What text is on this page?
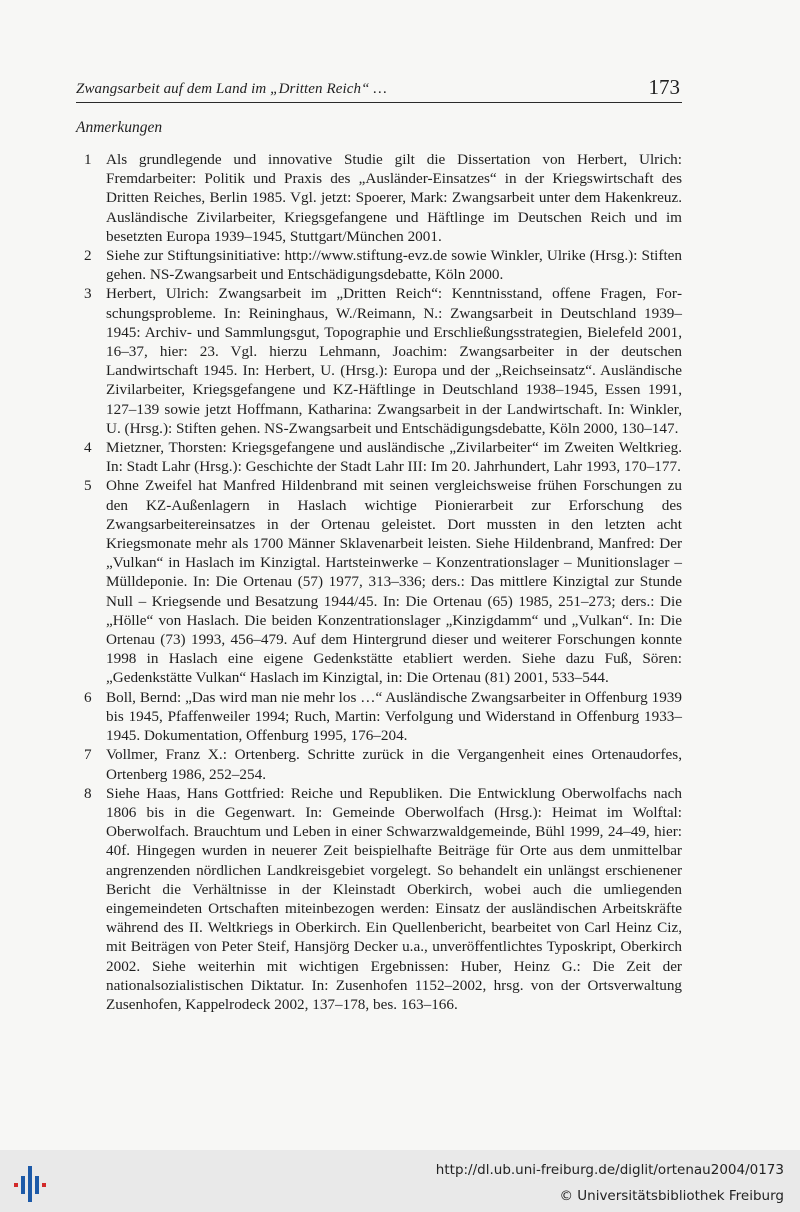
Zwangsarbeit auf dem Land im „Dritten Reich“ …	173
Anmerkungen
1 Als grundlegende und innovative Studie gilt die Dissertation von Herbert, Ulrich: Fremdarbeiter: Politik und Praxis des „Ausländer-Einsatzes“ in der Kriegswirtschaft des Dritten Reiches, Berlin 1985. Vgl. jetzt: Spoerer, Mark: Zwangsarbeit unter dem Hakenkreuz. Ausländische Zivilarbeiter, Kriegsgefangene und Häftlinge im Deutschen Reich und im besetzten Europa 1939–1945, Stuttgart/München 2001.
2 Siehe zur Stiftungsinitiative: http://www.stiftung-evz.de sowie Winkler, Ulrike (Hrsg.): Stiften gehen. NS-Zwangsarbeit und Entschädigungsdebatte, Köln 2000.
3 Herbert, Ulrich: Zwangsarbeit im „Dritten Reich“: Kenntnisstand, offene Fragen, Forschungsprobleme. In: Reininghaus, W./Reimann, N.: Zwangsarbeit in Deutschland 1939–1945: Archiv- und Sammlungsgut, Topographie und Erschließungsstrategien, Bielefeld 2001, 16–37, hier: 23. Vgl. hierzu Lehmann, Joachim: Zwangsarbeiter in der deutschen Landwirtschaft 1945. In: Herbert, U. (Hrsg.): Europa und der „Reichseinsatz“. Ausländische Zivilarbeiter, Kriegsgefangene und KZ-Häftlinge in Deutschland 1938–1945, Essen 1991, 127–139 sowie jetzt Hoffmann, Katharina: Zwangsarbeit in der Landwirtschaft. In: Winkler, U. (Hrsg.): Stiften gehen. NS-Zwangsarbeit und Entschädigungsdebatte, Köln 2000, 130–147.
4 Mietzner, Thorsten: Kriegsgefangene und ausländische „Zivilarbeiter“ im Zweiten Weltkrieg. In: Stadt Lahr (Hrsg.): Geschichte der Stadt Lahr III: Im 20. Jahrhundert, Lahr 1993, 170–177.
5 Ohne Zweifel hat Manfred Hildenbrand mit seinen vergleichsweise frühen Forschungen zu den KZ-Außenlagern in Haslach wichtige Pionierarbeit zur Erforschung des Zwangsarbeitereinsatzes in der Ortenau geleistet. Dort mussten in den letzten acht Kriegsmonate mehr als 1700 Männer Sklavenarbeit leisten. Siehe Hildenbrand, Manfred: Der „Vulkan“ in Haslach im Kinzigtal. Hartsteinwerke – Konzentrationslager – Munitionslager – Mülldeponie. In: Die Ortenau (57) 1977, 313–336; ders.: Das mittlere Kinzigtal zur Stunde Null – Kriegsende und Besatzung 1944/45. In: Die Ortenau (65) 1985, 251–273; ders.: Die „Hölle“ von Haslach. Die beiden Konzentrationslager „Kinzigdamm“ und „Vulkan“. In: Die Ortenau (73) 1993, 456–479. Auf dem Hintergrund dieser und weiterer Forschungen konnte 1998 in Haslach eine eigene Gedenkstätte etabliert werden. Siehe dazu Fuß, Sören: „Gedenkstätte Vulkan“ Haslach im Kinzigtal, in: Die Ortenau (81) 2001, 533–544.
6 Boll, Bernd: „Das wird man nie mehr los …“ Ausländische Zwangsarbeiter in Offenburg 1939 bis 1945, Pfaffenweiler 1994; Ruch, Martin: Verfolgung und Widerstand in Offenburg 1933–1945. Dokumentation, Offenburg 1995, 176–204.
7 Vollmer, Franz X.: Ortenberg. Schritte zurück in die Vergangenheit eines Ortenaudorfes, Ortenberg 1986, 252–254.
8 Siehe Haas, Hans Gottfried: Reiche und Republiken. Die Entwicklung Oberwolfachs nach 1806 bis in die Gegenwart. In: Gemeinde Oberwolfach (Hrsg.): Heimat im Wolftal: Oberwolfach. Brauchtum und Leben in einer Schwarzwaldgemeinde, Bühl 1999, 24–49, hier: 40f. Hingegen wurden in neuerer Zeit beispielhafte Beiträge für Orte aus dem unmittelbar angrenzenden nördlichen Landkreisgebiet vorgelegt. So behandelt ein unlängst erschienener Bericht die Verhältnisse in der Kleinstadt Oberkirch, wobei auch die umliegenden eingemeindeten Ortschaften miteinbezogen werden: Einsatz der ausländischen Arbeitskräfte während des II. Weltkriegs in Oberkirch. Ein Quellenbericht, bearbeitet von Carl Heinz Ciz, mit Beiträgen von Peter Steif, Hansjörg Decker u.a., unveröffentlichtes Typoskript, Oberkirch 2002. Siehe weiterhin mit wichtigen Ergebnissen: Huber, Heinz G.: Die Zeit der nationalsozialistischen Diktatur. In: Zusenhofen 1152–2002, hrsg. von der Ortsverwaltung Zusenhofen, Kappelrodeck 2002, 137–178, bes. 163–166.
http://dl.ub.uni-freiburg.de/diglit/ortenau2004/0173
© Universitätsbibliothek Freiburg
